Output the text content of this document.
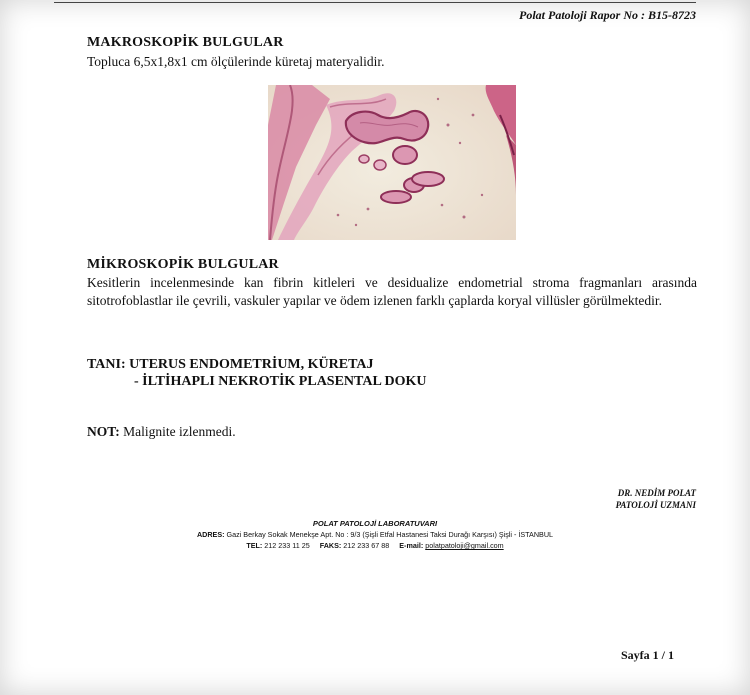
Polat Patoloji Rapor No : B15-8723
MAKROSKOPİK BULGULAR

Topluca 6,5x1,8x1 cm ölçülerinde küretaj materyalidir.

MİKROSKOPİK BULGULAR

Kesitlerin incelenmesinde kan fibrin kitleleri ve desidualize endometrial stroma fragmanları arasında sitotrofoblastlar ile çevrili, vaskuler yapılar ve ödem izlenen farklı çaplarda koryal villüsler görülmektedir.

TANI: UTERUS ENDOMETRİUM, KÜRETAJ
- İLTİHAPLI NEKROTİK PLASENTAL DOKU
NOT: Malignite izlenmedi.
DR. NEDİM POLAT
PATOLOJİ UZMANI
POLAT PATOLOJİ LABORATUVARI
ADRES: Gazi Berkay Sokak Menekşe Apt. No : 9/3 (Şişli Etfal Hastanesi Taksi Durağı Karşısı) Şişli - İSTANBUL
TEL: 212 233 11 25 FAKS: 212 233 67 88 E-mail: polatpatoloji@gmail.com
Sayfa 1 / 1
